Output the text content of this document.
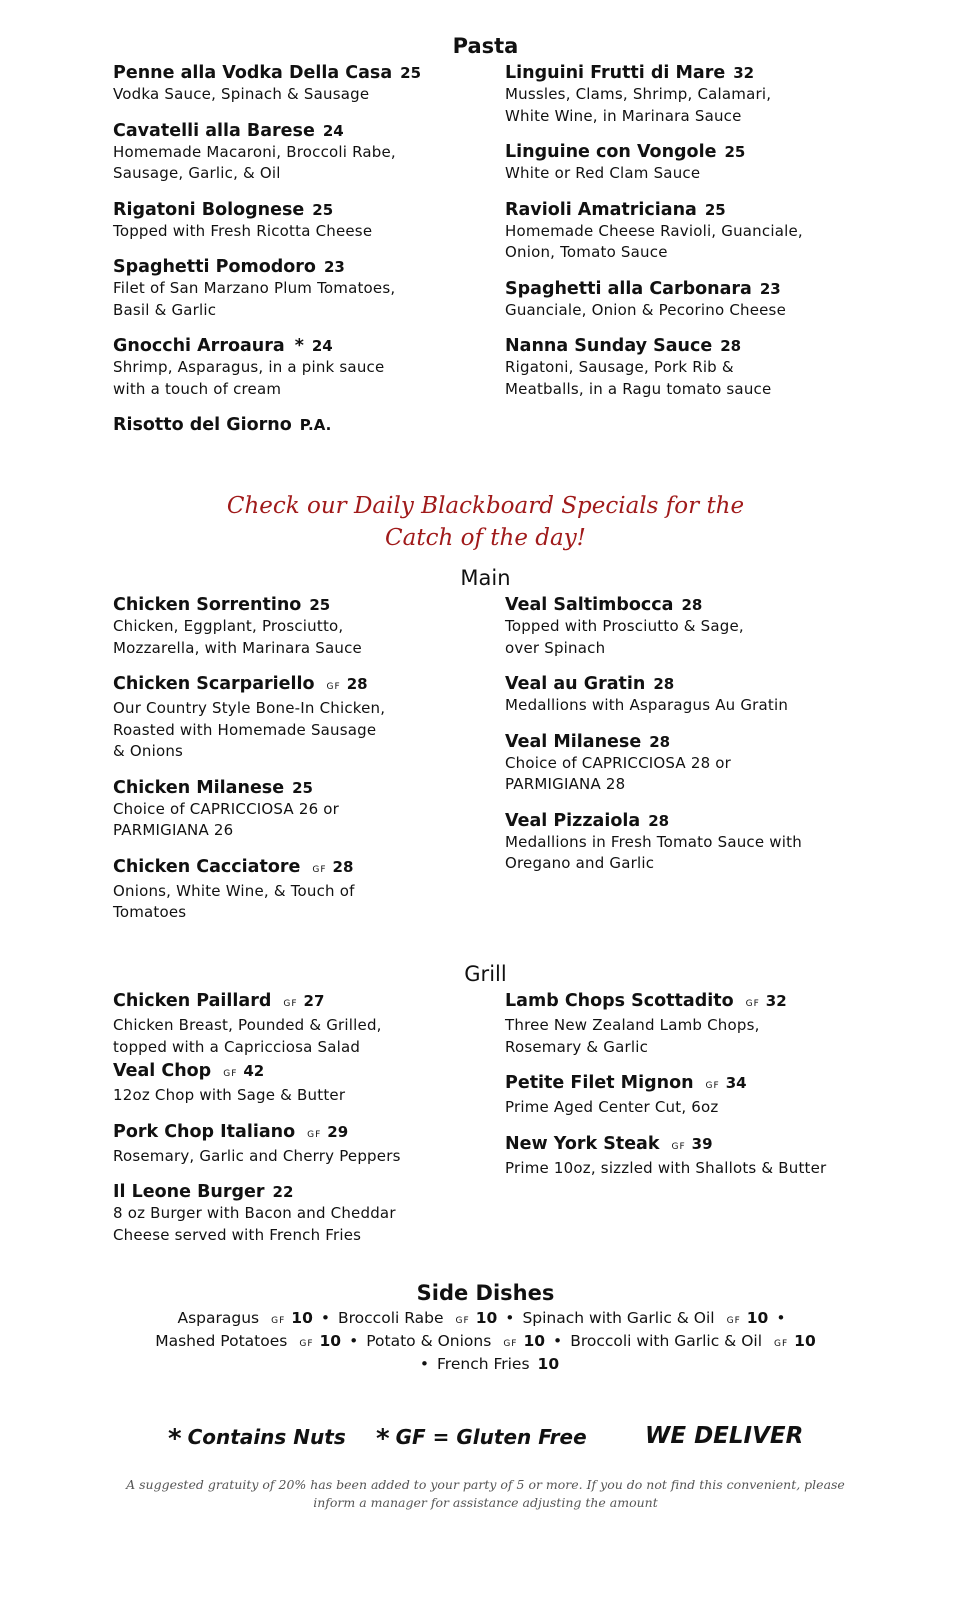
Pasta
Penne alla Vodka Della Casa 25
Vodka Sauce, Spinach & Sausage
Cavatelli alla Barese 24
Homemade Macaroni, Broccoli Rabe,
Sausage, Garlic, & Oil
Rigatoni Bolognese 25
Topped with Fresh Ricotta Cheese
Spaghetti Pomodoro 23
Filet of San Marzano Plum Tomatoes,
Basil & Garlic
Gnocchi Arroaura * 24
Shrimp, Asparagus, in a pink sauce
with a touch of cream
Risotto del Giorno P.A.
Linguini Frutti di Mare 32
Mussles, Clams, Shrimp, Calamari,
White Wine, in Marinara Sauce
Linguine con Vongole 25
White or Red Clam Sauce
Ravioli Amatriciana 25
Homemade Cheese Ravioli, Guanciale,
Onion, Tomato Sauce
Spaghetti alla Carbonara 23
Guanciale, Onion & Pecorino Cheese
Nanna Sunday Sauce 28
Rigatoni, Sausage, Pork Rib &
Meatballs, in a Ragu tomato sauce
Check our Daily Blackboard Specials for the
Catch of the day!
Main
Chicken Sorrentino 25
Chicken, Eggplant, Prosciutto,
Mozzarella, with Marinara Sauce
Chicken Scarpariello GF 28
Our Country Style Bone-In Chicken,
Roasted with Homemade Sausage
& Onions
Chicken Milanese 25
Choice of CAPRICCIOSA 26 or
PARMIGIANA 26
Chicken Cacciatore GF 28
Onions, White Wine, & Touch of
Tomatoes
Veal Saltimbocca 28
Topped with Prosciutto & Sage,
over Spinach
Veal au Gratin 28
Medallions with Asparagus Au Gratin
Veal Milanese 28
Choice of CAPRICCIOSA 28 or
PARMIGIANA 28
Veal Pizzaiola 28
Medallions in Fresh Tomato Sauce with
Oregano and Garlic
Grill
Chicken Paillard GF 27
Chicken Breast, Pounded & Grilled,
topped with a Capricciosa Salad
Veal Chop GF 42
12oz Chop with Sage & Butter
Pork Chop Italiano GF 29
Rosemary, Garlic and Cherry Peppers
Il Leone Burger 22
8 oz Burger with Bacon and Cheddar
Cheese served with French Fries
Lamb Chops Scottadito GF 32
Three New Zealand Lamb Chops,
Rosemary & Garlic
Petite Filet Mignon GF 34
Prime Aged Center Cut, 6oz
New York Steak GF 39
Prime 10oz, sizzled with Shallots & Butter
Side Dishes
Asparagus GF 10 • Broccoli Rabe GF 10 • Spinach with Garlic & Oil GF 10 •
Mashed Potatoes GF 10 • Potato & Onions GF 10 • Broccoli with Garlic & Oil GF 10
• French Fries 10
* Contains Nuts * GF = Gluten Free	WE DELIVER
A suggested gratuity of 20% has been added to your party of 5 or more. If you do not find this convenient, please
inform a manager for assistance adjusting the amount
